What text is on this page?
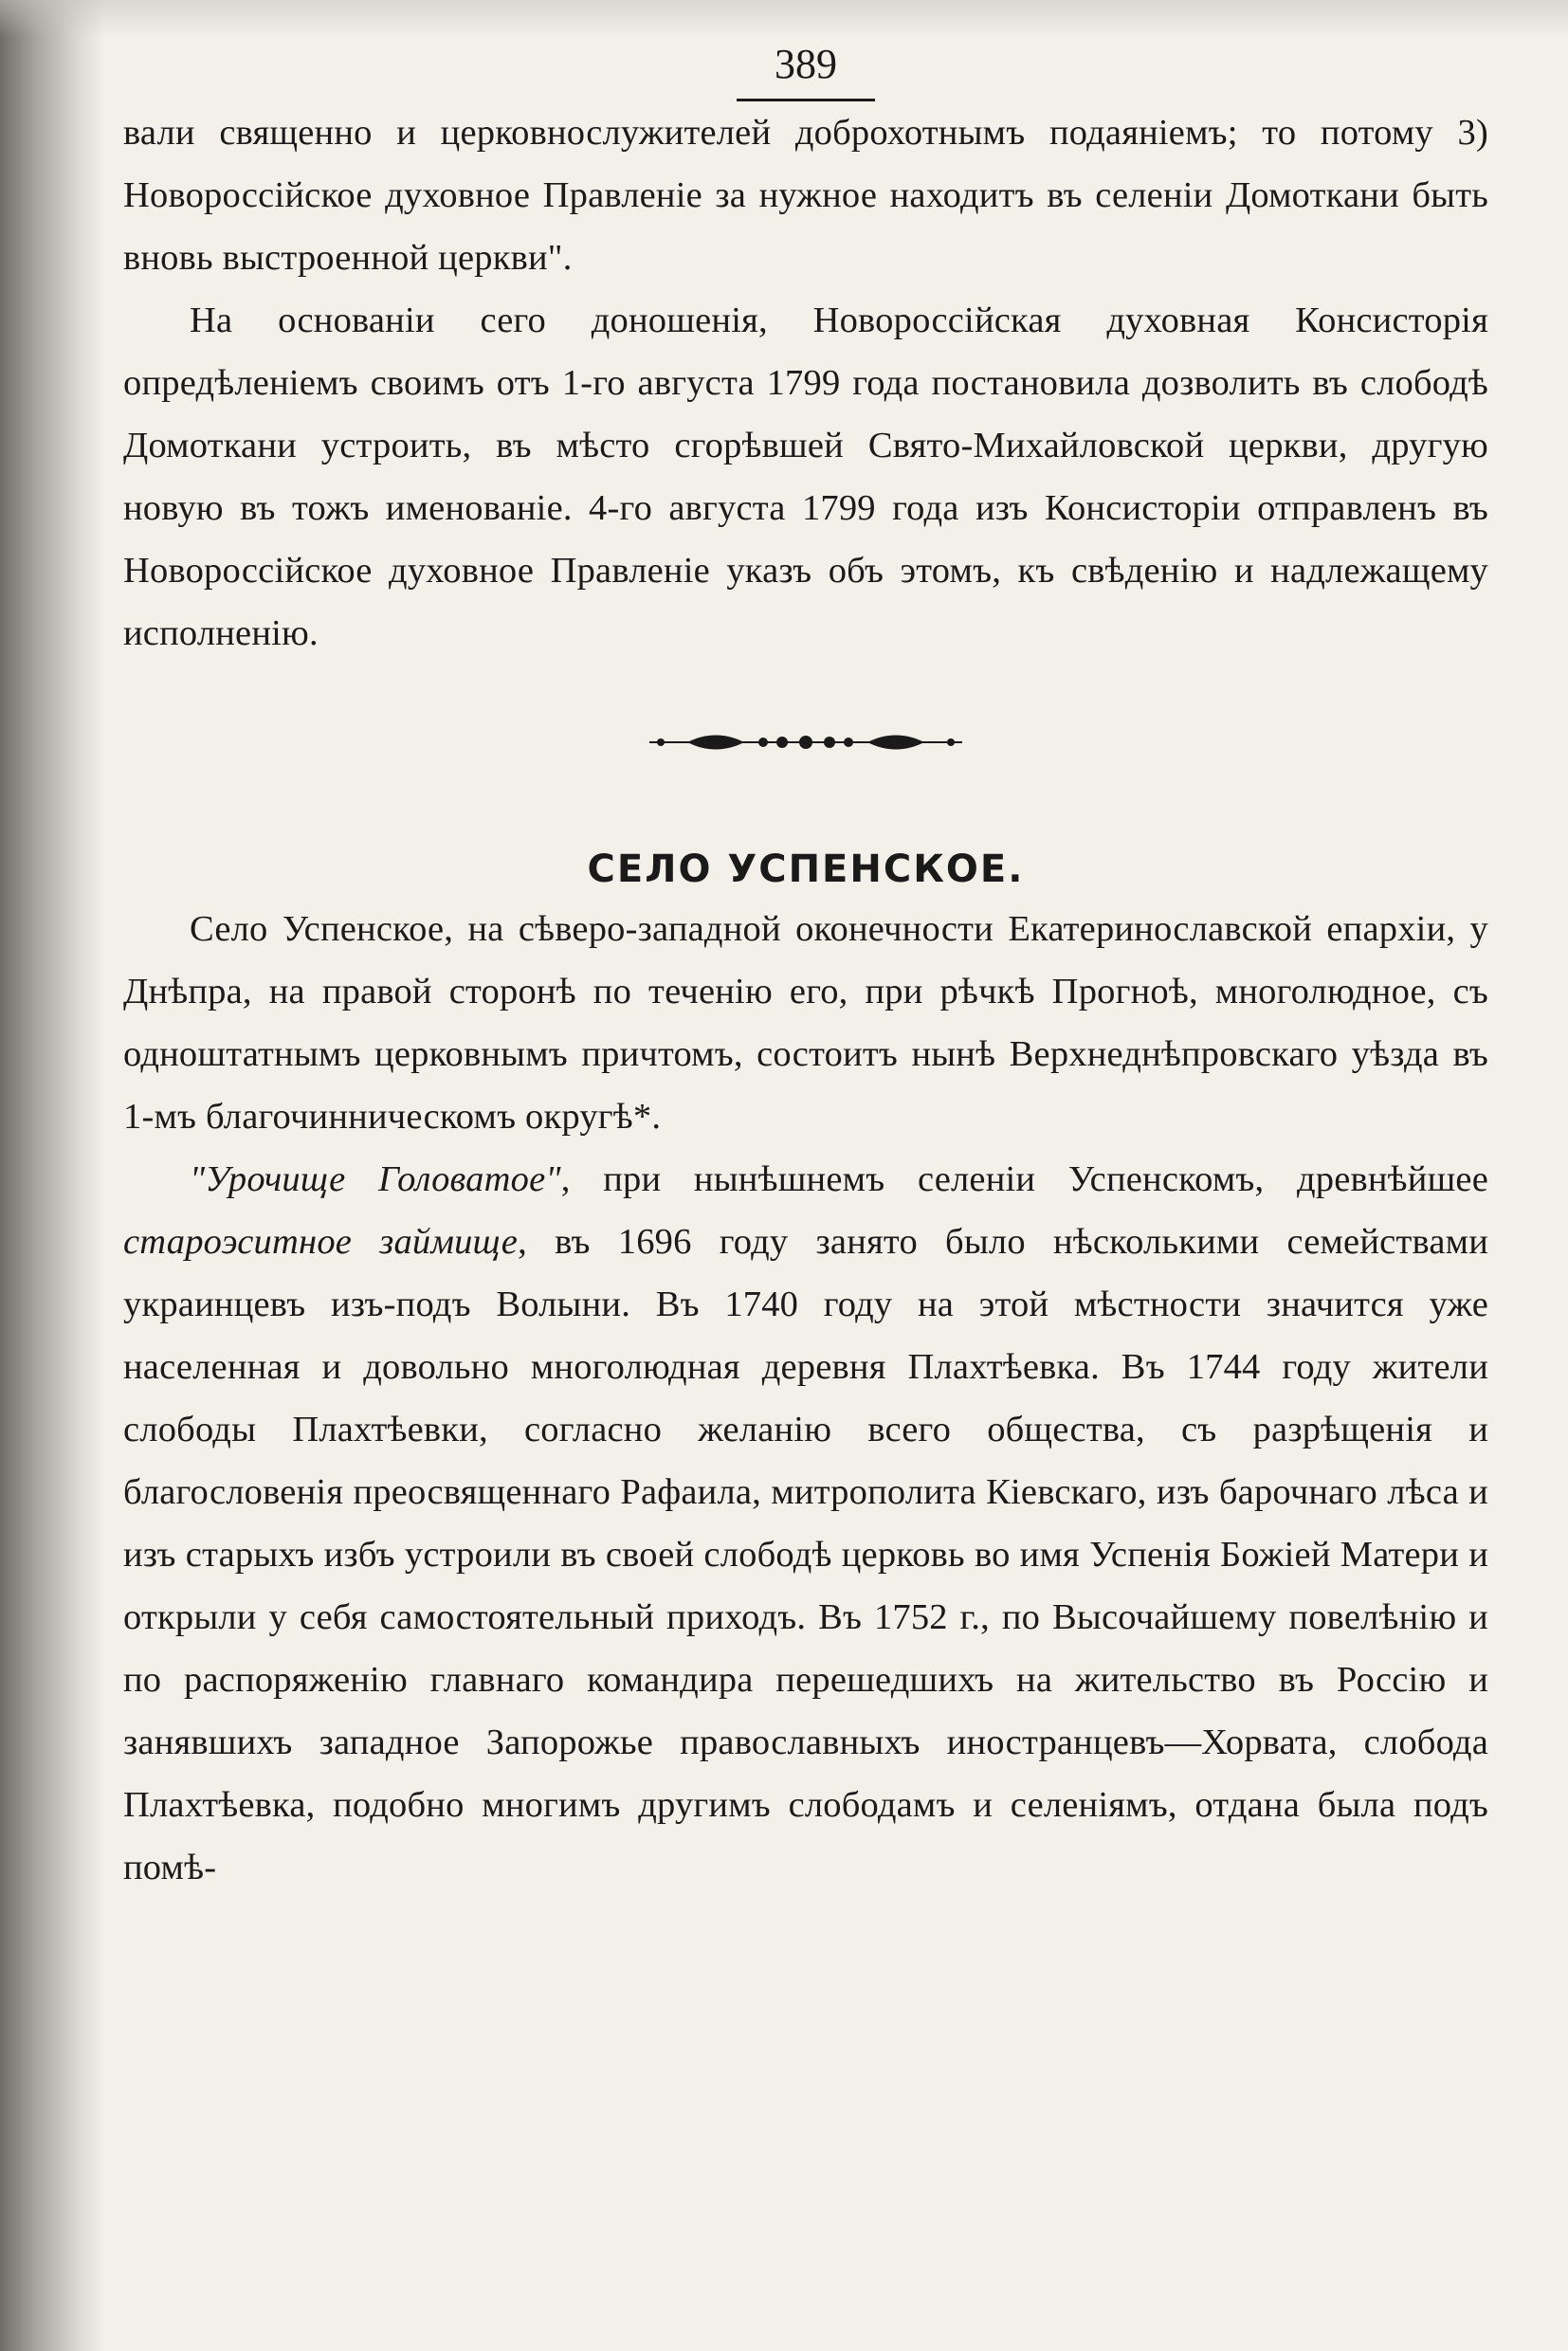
389

вали священно и церковнослужителей доброхотнымъ подаяніемъ; то потому 3) Новороссійское духовное Правленіе за нужное находитъ въ селеніи Домоткани быть вновь выстроенной церкви".

На основаніи сего доношенія, Новороссійская духовная Консисторія опредѣленіемъ своимъ отъ 1-го августа 1799 года постановила дозволить въ слободѣ Домоткани устроить, въ мѣсто сгорѣвшей Свято-Михайловской церкви, другую новую въ тожъ именованіе. 4-го августа 1799 года изъ Консисторіи отправленъ въ Новороссійское духовное Правленіе указъ объ этомъ, къ свѣденію и надлежащему исполненію.

СЕЛО УСПЕНСКОЕ.

Село Успенское, на сѣверо-западной оконечности Екатеринославской епархіи, у Днѣпра, на правой сторонѣ по теченію его, при рѣчкѣ Прогноѣ, многолюдное, съ одноштатнымъ церковнымъ причтомъ, состоитъ нынѣ Верхнеднѣпровскаго уѣзда въ 1-мъ благочинническомъ округѣ*.

"Урочище Головатое", при нынѣшнемъ селеніи Успенскомъ, древнѣйшее староэситное займище, въ 1696 году занято было нѣсколькими семействами украинцевъ изъ-подъ Волыни. Въ 1740 году на этой мѣстности значится уже населенная и довольно многолюдная деревня Плахтѣевка. Въ 1744 году жители слободы Плахтѣевки, согласно желанію всего общества, съ разрѣщенія и благословенія преосвященнаго Рафаила, митрополита Кіевскаго, изъ барочнаго лѣса и изъ старыхъ избъ устроили въ своей слободѣ церковь во имя Успенія Божіей Матери и открыли у себя самостоятельный приходъ. Въ 1752 г., по Высочайшему повелѣнію и по распоряженію главнаго командира перешедшихъ на жительство въ Россію и занявшихъ западное Запорожье православныхъ иностранцевъ—Хорвата, слобода Плахтѣевка, подобно многимъ другимъ слободамъ и селеніямъ, отдана была подъ помѣ-
